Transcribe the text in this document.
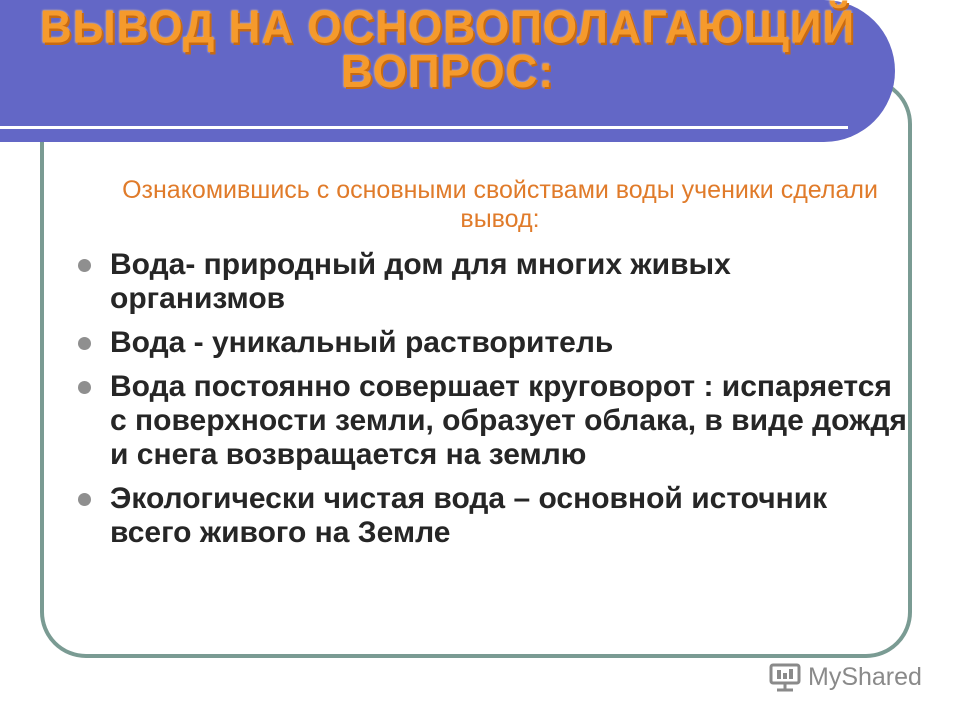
ВЫВОД НА ОСНОВОПОЛАГАЮЩИЙ
ВОПРОС:
Ознакомившись с основными свойствами воды ученики сделали вывод:
Вода- природный дом для многих живых организмов
Вода - уникальный растворитель
Вода постоянно совершает круговорот : испаряется с поверхности земли, образует облака, в виде дождя и снега возвращается на землю
Экологически чистая вода – основной источник всего живого на Земле
MyShared
